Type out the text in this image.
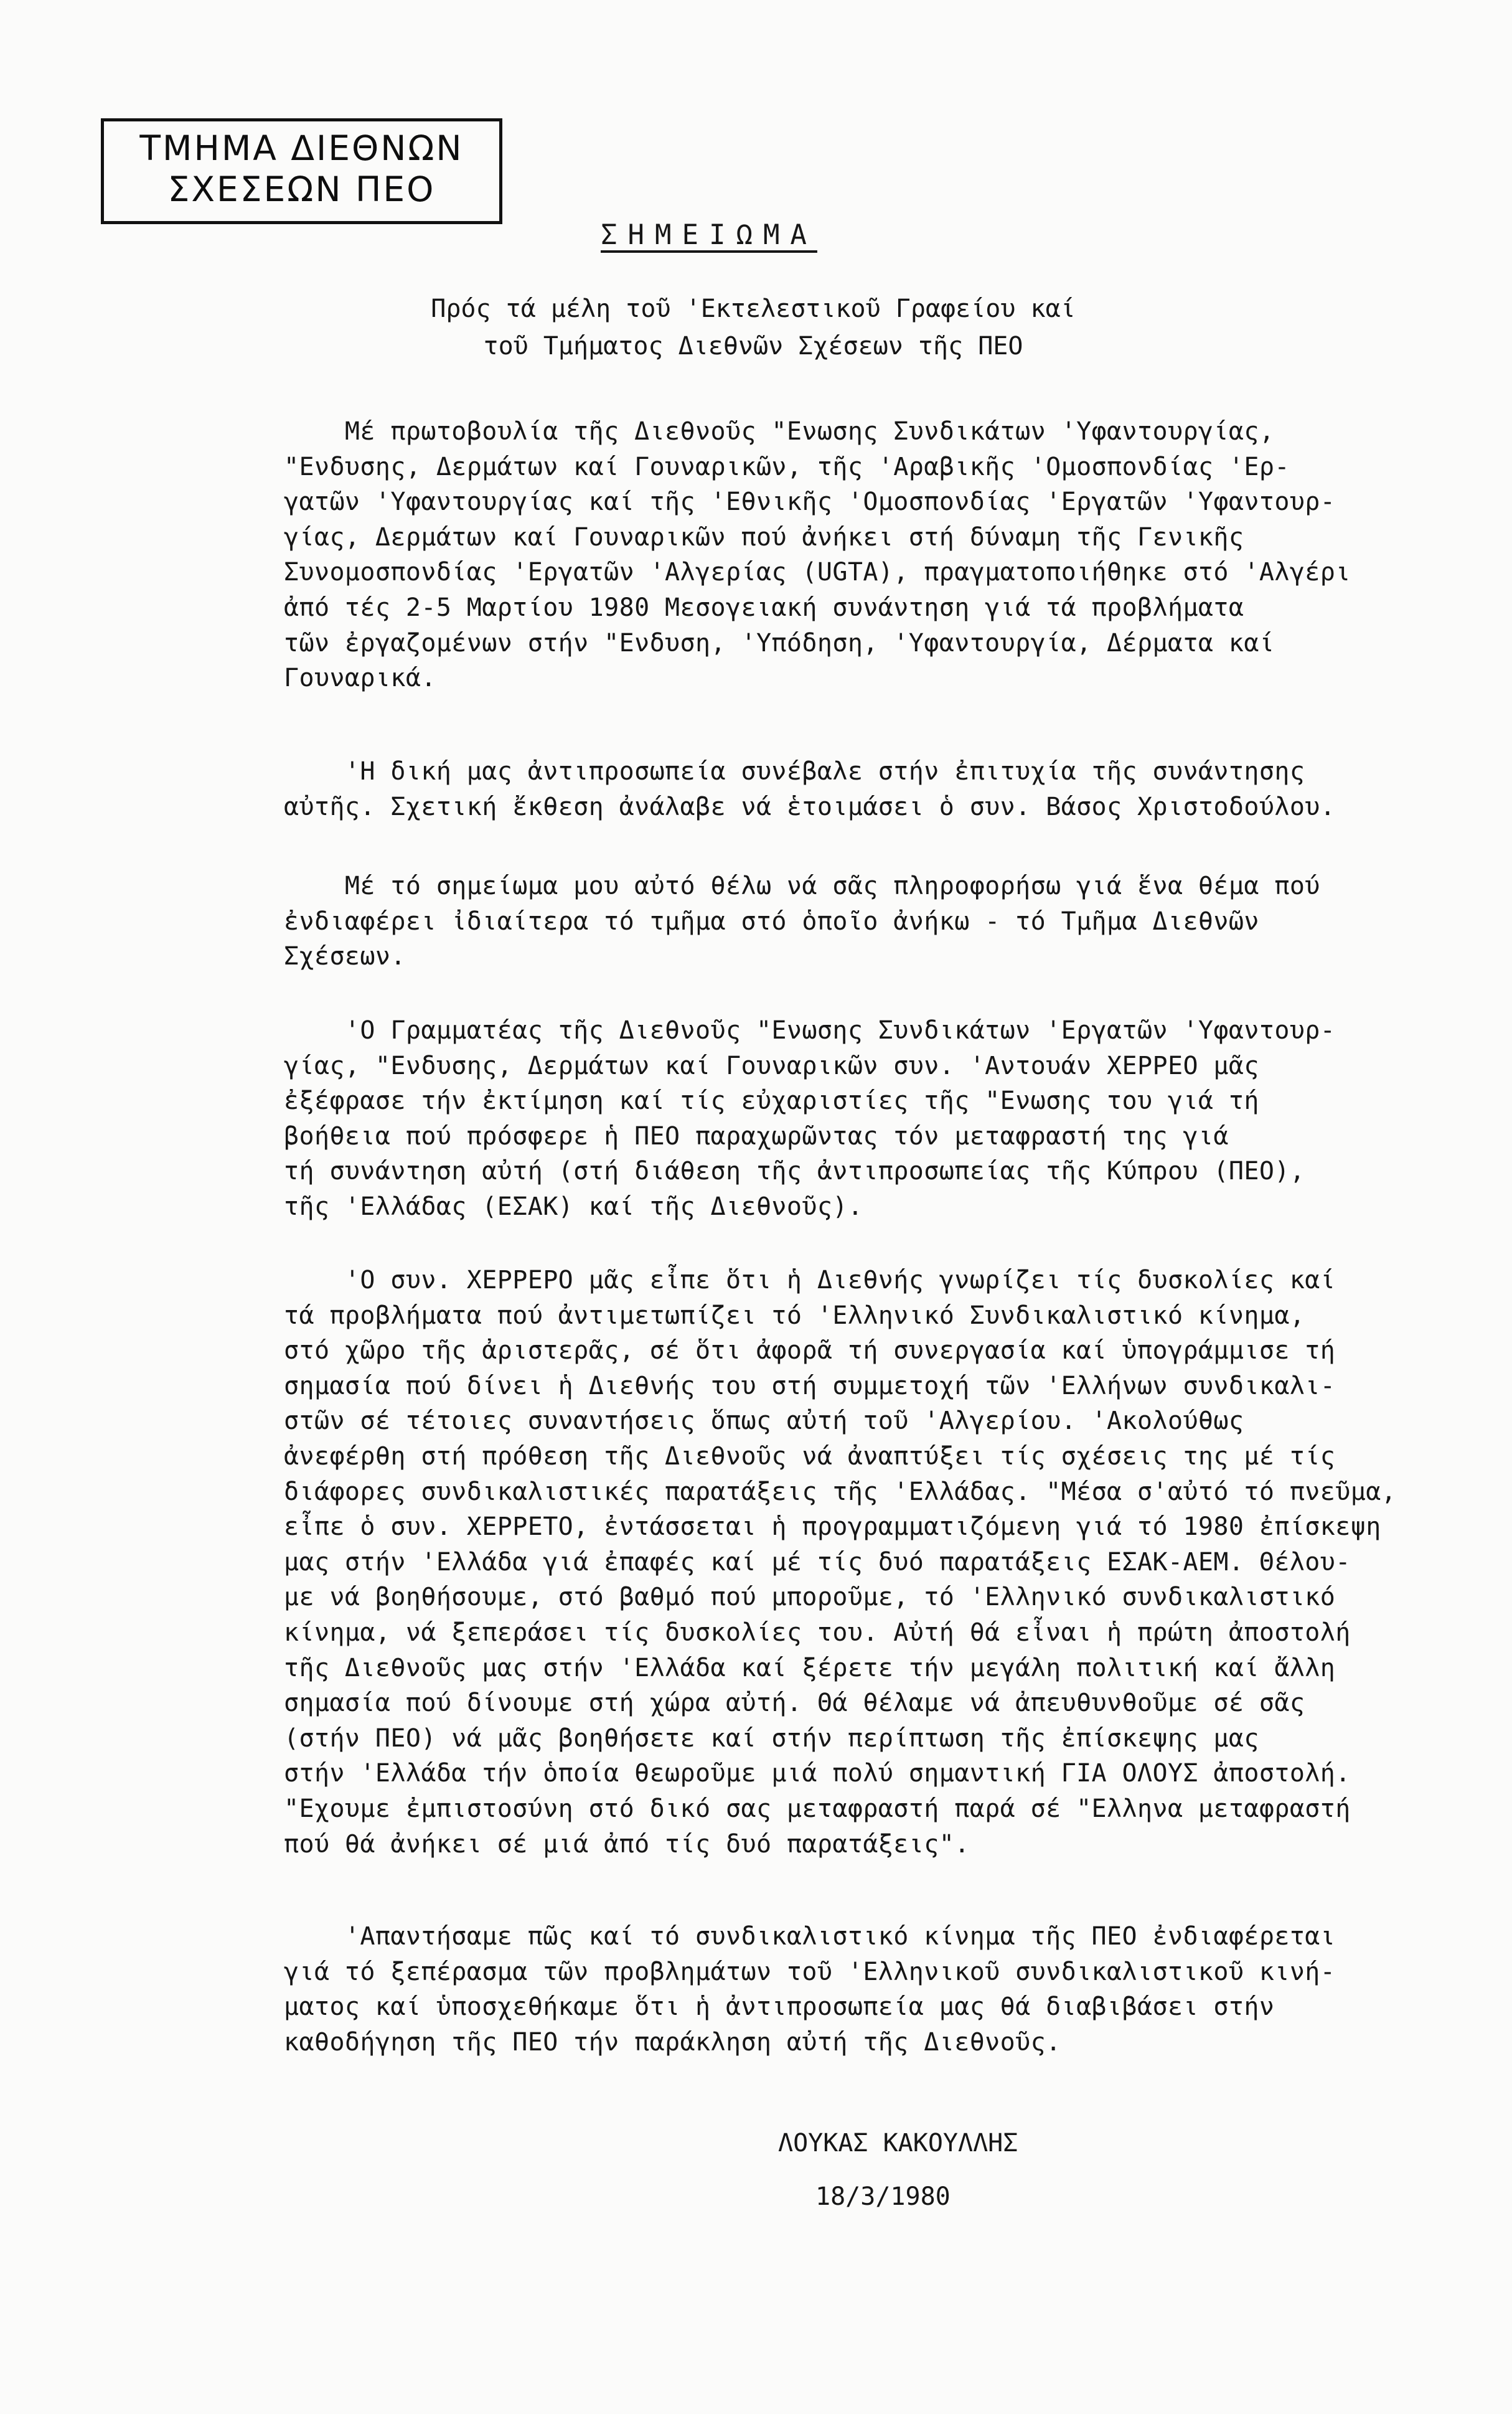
ΤΜΗΜΑ ΔΙΕΘΝΩΝ
ΣΧΕΣΕΩΝ ΠΕΟ
ΣΗΜΕΙΩΜΑ
Πρός τά μέλη τοῦ 'Εκτελεστικοῦ Γραφείου καί
τοῦ Τμήματος Διεθνῶν Σχέσεων τῆς ΠΕΟ
Μέ πρωτοβουλία τῆς Διεθνοῦς "Ενωσης Συνδικάτων 'Υφαντουργίας,
"Ενδυσης, Δερμάτων καί Γουναρικῶν, τῆς 'Αραβικῆς 'Ομοσπονδίας 'Ερ-
γατῶν 'Υφαντουργίας καί τῆς 'Εθνικῆς 'Ομοσπονδίας 'Εργατῶν 'Υφαντουρ-
γίας, Δερμάτων καί Γουναρικῶν πού ἀνήκει στή δύναμη τῆς Γενικῆς
Συνομοσπονδίας 'Εργατῶν 'Αλγερίας (UGTA), πραγματοποιήθηκε στό 'Αλγέρι
ἀπό τές 2-5 Μαρτίου 1980 Μεσογειακή συνάντηση γιά τά προβλήματα
τῶν ἐργαζομένων στήν "Ενδυση, 'Υπόδηση, 'Υφαντουργία, Δέρματα καί
Γουναρικά.
'Η δική μας ἀντιπροσωπεία συνέβαλε στήν ἐπιτυχία τῆς συνάντησης
αὐτῆς. Σχετική ἔκθεση ἀνάλαβε νά ἑτοιμάσει ὁ συν. Βάσος Χριστοδούλου.
Μέ τό σημείωμα μου αὐτό θέλω νά σᾶς πληροφορήσω γιά ἕνα θέμα πού
ἐνδιαφέρει ἰδιαίτερα τό τμῆμα στό ὁποῖο ἀνήκω - τό Τμῆμα Διεθνῶν
Σχέσεων.
'Ο Γραμματέας τῆς Διεθνοῦς "Ενωσης Συνδικάτων 'Εργατῶν 'Υφαντουρ-
γίας, "Ενδυσης, Δερμάτων καί Γουναρικῶν συν. 'Αντουάν ΧΕΡΡΕΟ μᾶς
ἐξέφρασε τήν ἐκτίμηση καί τίς εὐχαριστίες τῆς "Ενωσης του γιά τή
βοήθεια πού πρόσφερε ἡ ΠΕΟ παραχωρῶντας τόν μεταφραστή της γιά
τή συνάντηση αὐτή (στή διάθεση τῆς ἀντιπροσωπείας τῆς Κύπρου (ΠΕΟ),
τῆς 'Ελλάδας (ΕΣΑΚ) καί τῆς Διεθνοῦς).
'Ο συν. ΧΕΡΡΕΡΟ μᾶς εἶπε ὅτι ἡ Διεθνής γνωρίζει τίς δυσκολίες καί
τά προβλήματα πού ἀντιμετωπίζει τό 'Ελληνικό Συνδικαλιστικό κίνημα,
στό χῶρο τῆς ἀριστερᾶς, σέ ὅτι ἀφορᾶ τή συνεργασία καί ὑπογράμμισε τή
σημασία πού δίνει ἡ Διεθνής του στή συμμετοχή τῶν 'Ελλήνων συνδικαλι-
στῶν σέ τέτοιες συναντήσεις ὅπως αὐτή τοῦ 'Αλγερίου. 'Ακολούθως
ἀνεφέρθη στή πρόθεση τῆς Διεθνοῦς νά ἀναπτύξει τίς σχέσεις της μέ τίς
διάφορες συνδικαλιστικές παρατάξεις τῆς 'Ελλάδας. "Μέσα σ'αὐτό τό πνεῦμα,
εἶπε ὁ συν. ΧΕΡΡΕΤΟ, ἐντάσσεται ἡ προγραμματιζόμενη γιά τό 1980 ἐπίσκεψη
μας στήν 'Ελλάδα γιά ἐπαφές καί μέ τίς δυό παρατάξεις ΕΣΑΚ-ΑΕΜ. Θέλου-
με νά βοηθήσουμε, στό βαθμό πού μποροῦμε, τό 'Ελληνικό συνδικαλιστικό
κίνημα, νά ξεπεράσει τίς δυσκολίες του. Αὐτή θά εἶναι ἡ πρώτη ἀποστολή
τῆς Διεθνοῦς μας στήν 'Ελλάδα καί ξέρετε τήν μεγάλη πολιτική καί ἄλλη
σημασία πού δίνουμε στή χώρα αὐτή. Θά θέλαμε νά ἀπευθυνθοῦμε σέ σᾶς
(στήν ΠΕΟ) νά μᾶς βοηθήσετε καί στήν περίπτωση τῆς ἐπίσκεψης μας
στήν 'Ελλάδα τήν ὁποία θεωροῦμε μιά πολύ σημαντική ΓΙΑ ΟΛΟΥΣ ἀποστολή.
"Εχουμε ἐμπιστοσύνη στό δικό σας μεταφραστή παρά σέ "Ελληνα μεταφραστή
πού θά ἀνήκει σέ μιά ἀπό τίς δυό παρατάξεις".
'Απαντήσαμε πῶς καί τό συνδικαλιστικό κίνημα τῆς ΠΕΟ ἐνδιαφέρεται
γιά τό ξεπέρασμα τῶν προβλημάτων τοῦ 'Ελληνικοῦ συνδικαλιστικοῦ κινή-
ματος καί ὑποσχεθήκαμε ὅτι ἡ ἀντιπροσωπεία μας θά διαβιβάσει στήν
καθοδήγηση τῆς ΠΕΟ τήν παράκληση αὐτή τῆς Διεθνοῦς.
ΛΟΥΚΑΣ ΚΑΚΟΥΛΛΗΣ
18/3/1980
